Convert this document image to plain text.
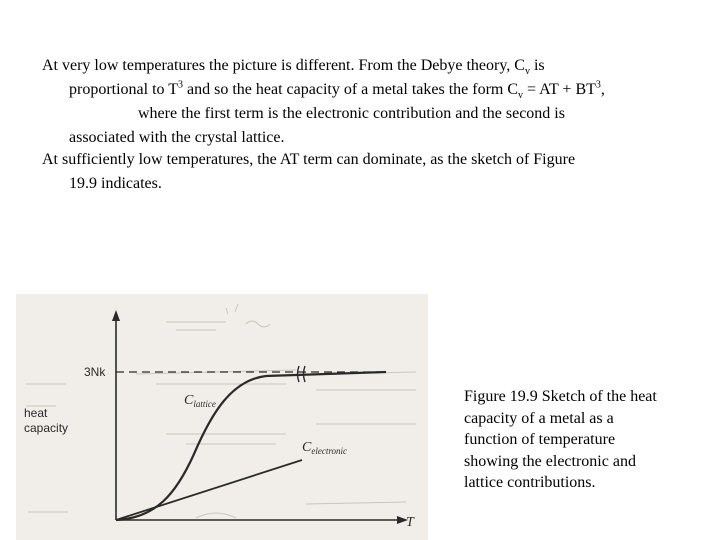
At very low temperatures the picture is different. From the Debye theory, $C_v$ is
proportional to $T^3$ and so the heat capacity of a metal takes the form $C_v$ = AT + $BT^3$,
where the first term is the electronic contribution and the second is
associated with the crystal lattice.
At sufficiently low temperatures, the AT term can dominate, as the sketch of Figure
19.9 indicates.
3Nk
heat
capacity
$C_{lattice}$
$C_{electronic}$
T
Figure 19.9 Sketch of the heat capacity of a metal as a function of temperature showing the electronic and lattice contributions.
